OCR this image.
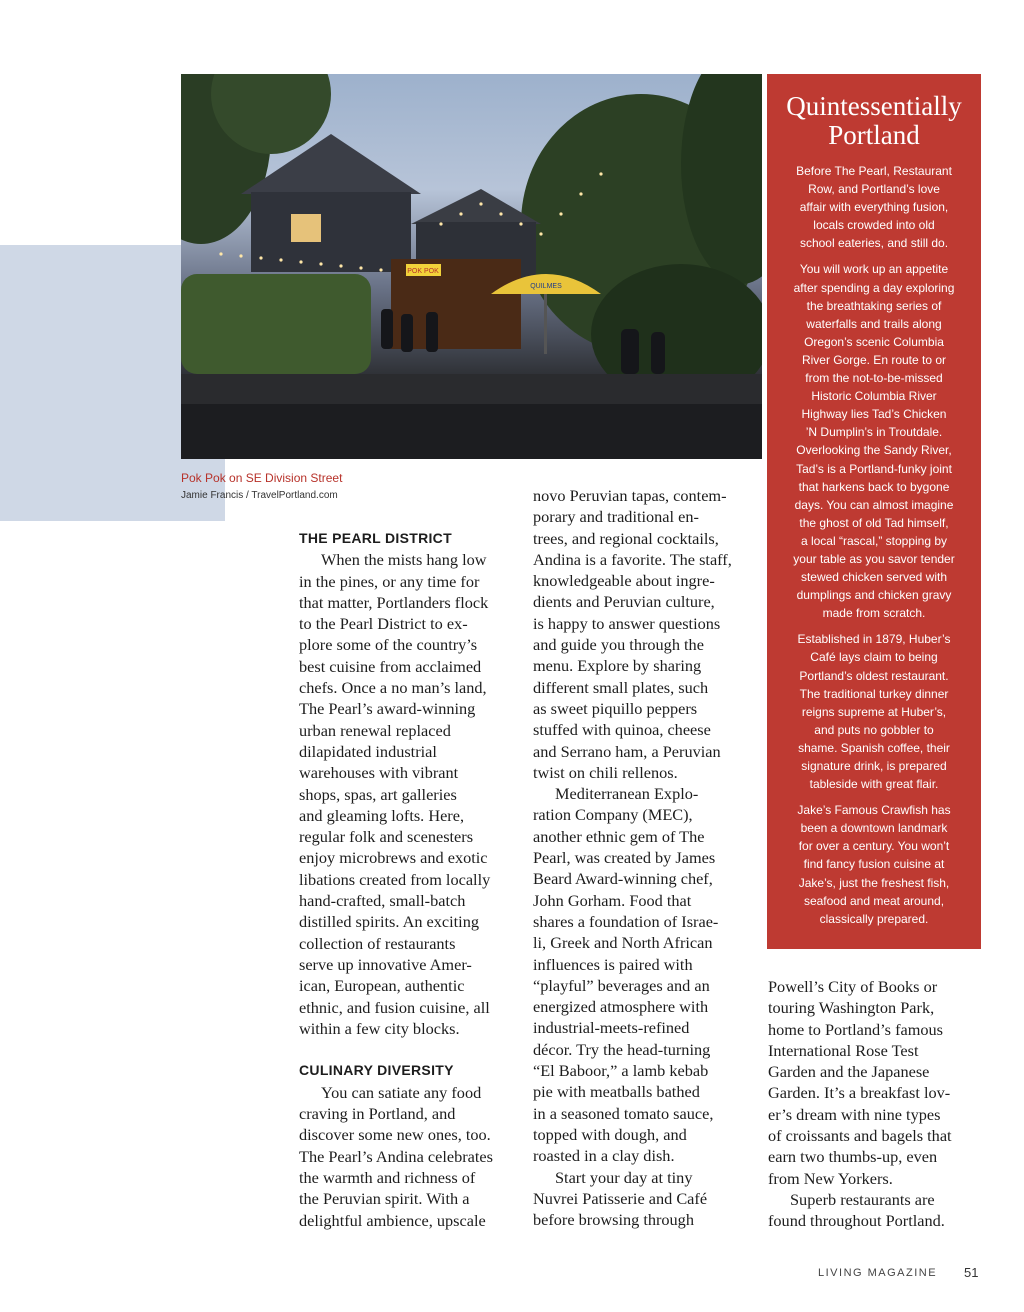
POK POK
QUILMES
Pok Pok on SE Division Street
Jamie Francis / TravelPortland.com
THE PEARL DISTRICT
When the mists hang low
in the pines, or any time for
that matter, Portlanders flock
to the Pearl District to ex-
plore some of the country’s
best cuisine from acclaimed
chefs. Once a no man’s land,
The Pearl’s award-winning
urban renewal replaced
dilapidated industrial
warehouses with vibrant
shops, spas, art galleries
and gleaming lofts. Here,
regular folk and scenesters
enjoy microbrews and exotic
libations created from locally
hand-crafted, small-batch
distilled spirits. An exciting
collection of restaurants
serve up innovative Amer-
ican, European, authentic
ethnic, and fusion cuisine, all
within a few city blocks.

CULINARY DIVERSITY
You can satiate any food
craving in Portland, and
discover some new ones, too.
The Pearl’s Andina celebrates
the warmth and richness of
the Peruvian spirit. With a
delightful ambience, upscale
novo Peruvian tapas, contem-
porary and traditional en-
trees, and regional cocktails,
Andina is a favorite. The staff,
knowledgeable about ingre-
dients and Peruvian culture,
is happy to answer questions
and guide you through the
menu. Explore by sharing
different small plates, such
as sweet piquillo peppers
stuffed with quinoa, cheese
and Serrano ham, a Peruvian
twist on chili rellenos.
Mediterranean Explo-
ration Company (MEC),
another ethnic gem of The
Pearl, was created by James
Beard Award-winning chef,
John Gorham. Food that
shares a foundation of Israe-
li, Greek and North African
influences is paired with
“playful” beverages and an
energized atmosphere with
industrial-meets-refined
décor. Try the head-turning
“El Baboor,” a lamb kebab
pie with meatballs bathed
in a seasoned tomato sauce,
topped with dough, and
roasted in a clay dish.
Start your day at tiny
Nuvrei Patisserie and Café
before browsing through
Powell’s City of Books or
touring Washington Park,
home to Portland’s famous
International Rose Test
Garden and the Japanese
Garden. It’s a breakfast lov-
er’s dream with nine types
of croissants and bagels that
earn two thumbs-up, even
from New Yorkers.
Superb restaurants are
found throughout Portland.
Quintessentially
Portland
Before The Pearl, Restaurant
Row, and Portland’s love
affair with everything fusion,
locals crowded into old
school eateries, and still do.
You will work up an appetite
after spending a day exploring
the breathtaking series of
waterfalls and trails along
Oregon’s scenic Columbia
River Gorge. En route to or
from the not-to-be-missed
Historic Columbia River
Highway lies Tad’s Chicken
’N Dumplin’s in Troutdale.
Overlooking the Sandy River,
Tad’s is a Portland-funky joint
that harkens back to bygone
days. You can almost imagine
the ghost of old Tad himself,
a local “rascal,” stopping by
your table as you savor tender
stewed chicken served with
dumplings and chicken gravy
made from scratch.
Established in 1879, Huber’s
Café lays claim to being
Portland’s oldest restaurant.
The traditional turkey dinner
reigns supreme at Huber’s,
and puts no gobbler to
shame. Spanish coffee, their
signature drink, is prepared
tableside with great flair.
Jake’s Famous Crawfish has
been a downtown landmark
for over a century. You won’t
find fancy fusion cuisine at
Jake’s, just the freshest fish,
seafood and meat around,
classically prepared.
LIVING MAGAZINE 51
